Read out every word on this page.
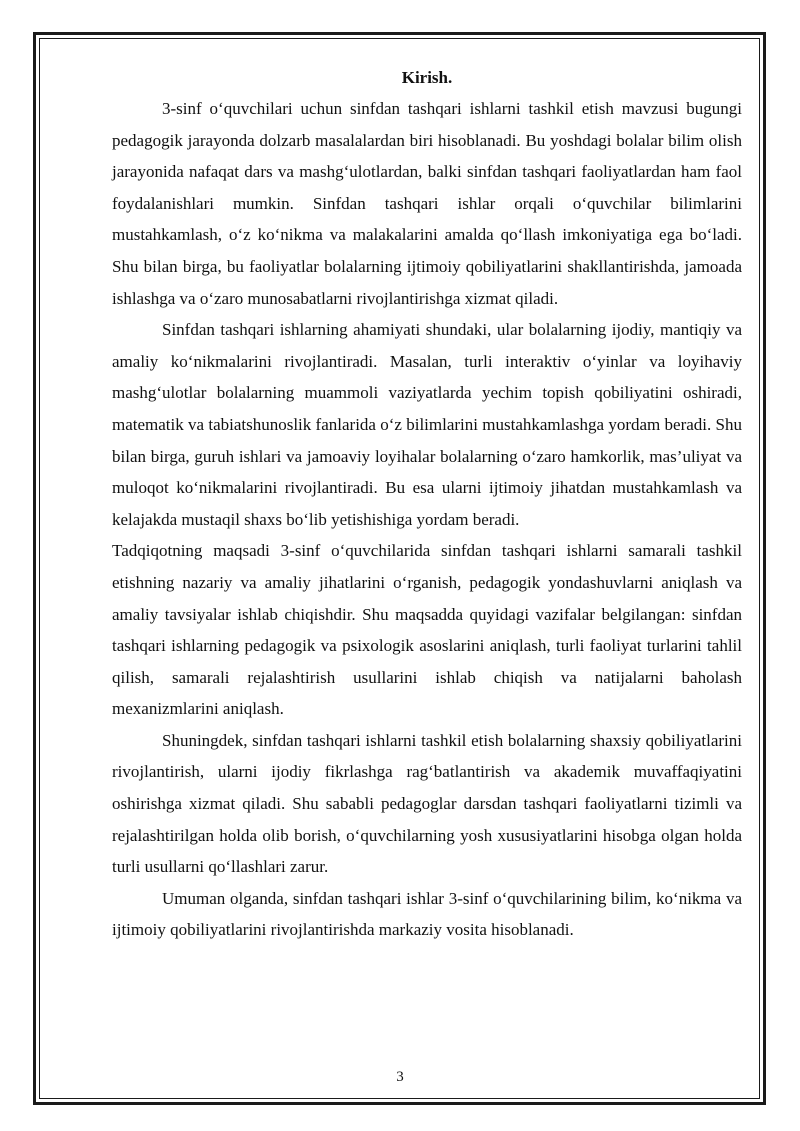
Kirish.

3-sinf o‘quvchilari uchun sinfdan tashqari ishlarni tashkil etish mavzusi bugungi pedagogik jarayonda dolzarb masalalardan biri hisoblanadi. Bu yoshdagi bolalar bilim olish jarayonida nafaqat dars va mashg‘ulotlardan, balki sinfdan tashqari faoliyatlardan ham faol foydalanishlari mumkin. Sinfdan tashqari ishlar orqali o‘quvchilar bilimlarini mustahkamlash, o‘z ko‘nikma va malakalarini amalda qo‘llash imkoniyatiga ega bo‘ladi. Shu bilan birga, bu faoliyatlar bolalarning ijtimoiy qobiliyatlarini shakllantirishda, jamoada ishlashga va o‘zaro munosabatlarni rivojlantirishga xizmat qiladi.

Sinfdan tashqari ishlarning ahamiyati shundaki, ular bolalarning ijodiy, mantiqiy va amaliy ko‘nikmalarini rivojlantiradi. Masalan, turli interaktiv o‘yinlar va loyihaviy mashg‘ulotlar bolalarning muammoli vaziyatlarda yechim topish qobiliyatini oshiradi, matematik va tabiatshunoslik fanlarida o‘z bilimlarini mustahkamlashga yordam beradi. Shu bilan birga, guruh ishlari va jamoaviy loyihalar bolalarning o‘zaro hamkorlik, mas’uliyat va muloqot ko‘nikmalarini rivojlantiradi. Bu esa ularni ijtimoiy jihatdan mustahkamlash va kelajakda mustaqil shaxs bo‘lib yetishishiga yordam beradi.

Tadqiqotning maqsadi 3-sinf o‘quvchilarida sinfdan tashqari ishlarni samarali tashkil etishning nazariy va amaliy jihatlarini o‘rganish, pedagogik yondashuvlarni aniqlash va amaliy tavsiyalar ishlab chiqishdir. Shu maqsadda quyidagi vazifalar belgilangan: sinfdan tashqari ishlarning pedagogik va psixologik asoslarini aniqlash, turli faoliyat turlarini tahlil qilish, samarali rejalashtirish usullarini ishlab chiqish va natijalarni baholash mexanizmlarini aniqlash.

Shuningdek, sinfdan tashqari ishlarni tashkil etish bolalarning shaxsiy qobiliyatlarini rivojlantirish, ularni ijodiy fikrlashga rag‘batlantirish va akademik muvaffaqiyatini oshirishga xizmat qiladi. Shu sababli pedagoglar darsdan tashqari faoliyatlarni tizimli va rejalashtirilgan holda olib borish, o‘quvchilarning yosh xususiyatlarini hisobga olgan holda turli usullarni qo‘llashlari zarur.

Umuman olganda, sinfdan tashqari ishlar 3-sinf o‘quvchilarining bilim, ko‘nikma va ijtimoiy qobiliyatlarini rivojlantirishda markaziy vosita hisoblanadi.

3
